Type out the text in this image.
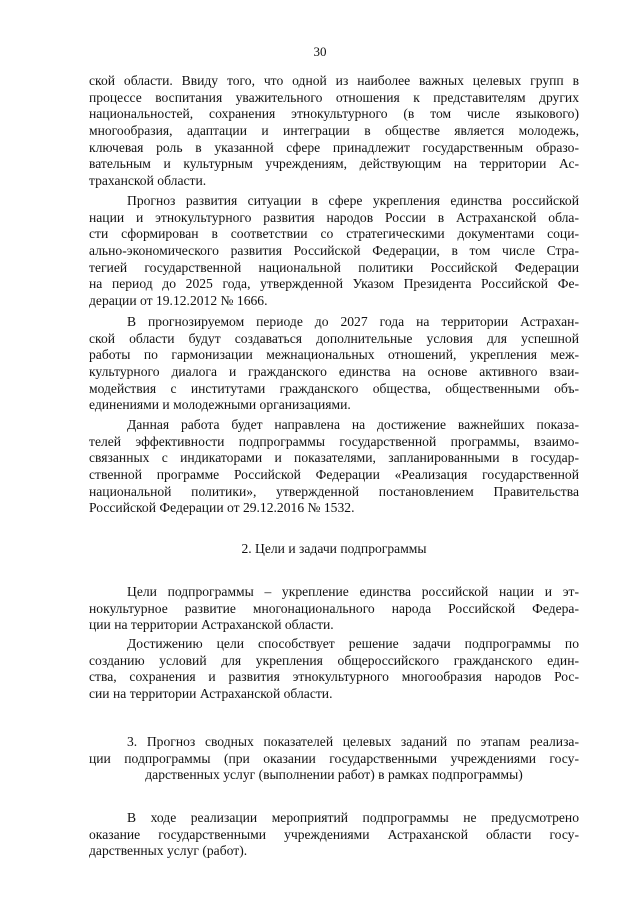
30
ской области. Ввиду того, что одной из наиболее важных целевых групп в
процессе воспитания уважительного отношения к представителям других
национальностей, сохранения этнокультурного (в том числе языкового)
многообразия, адаптации и интеграции в обществе является молодежь,
ключевая роль в указанной сфере принадлежит государственным образо-
вательным и культурным учреждениям, действующим на территории Ас-
траханской области.
Прогноз развития ситуации в сфере укрепления единства российской
нации и этнокультурного развития народов России в Астраханской обла-
сти сформирован в соответствии со стратегическими документами соци-
ально-экономического развития Российской Федерации, в том числе Стра-
тегией государственной национальной политики Российской Федерации
на период до 2025 года, утвержденной Указом Президента Российской Фе-
дерации от 19.12.2012 № 1666.
В прогнозируемом периоде до 2027 года на территории Астрахан-
ской области будут создаваться дополнительные условия для успешной
работы по гармонизации межнациональных отношений, укрепления меж-
культурного диалога и гражданского единства на основе активного взаи-
модействия с институтами гражданского общества, общественными объ-
единениями и молодежными организациями.
Данная работа будет направлена на достижение важнейших показа-
телей эффективности подпрограммы государственной программы, взаимо-
связанных с индикаторами и показателями, запланированными в государ-
ственной программе Российской Федерации «Реализация государственной
национальной политики», утвержденной постановлением Правительства
Российской Федерации от 29.12.2016 № 1532.
2. Цели и задачи подпрограммы
Цели подпрограммы – укрепление единства российской нации и эт-
нокультурное развитие многонационального народа Российской Федера-
ции на территории Астраханской области.
Достижению цели способствует решение задачи подпрограммы по
созданию условий для укрепления общероссийского гражданского един-
ства, сохранения и развития этнокультурного многообразия народов Рос-
сии на территории Астраханской области.
3. Прогноз сводных показателей целевых заданий по этапам реализа-
ции подпрограммы (при оказании государственными учреждениями госу-
дарственных услуг (выполнении работ) в рамках подпрограммы)
В ходе реализации мероприятий подпрограммы не предусмотрено
оказание государственными учреждениями Астраханской области госу-
дарственных услуг (работ).
